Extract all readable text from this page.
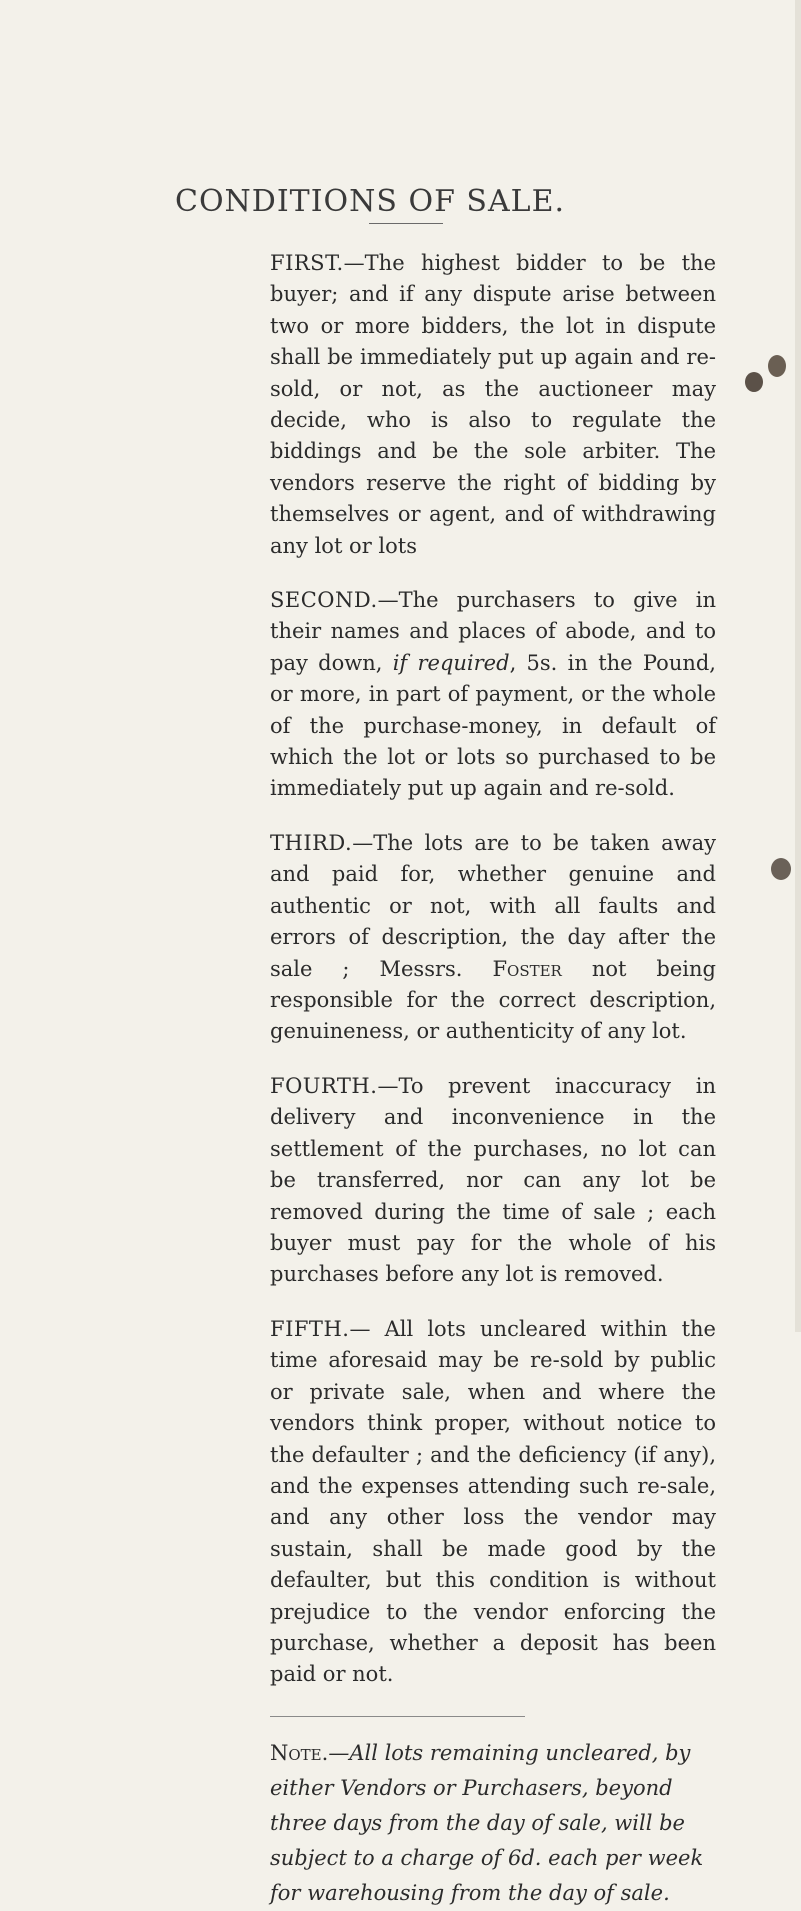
CONDITIONS OF SALE.

FIRST.—The highest bidder to be the buyer; and if any dispute arise between two or more bidders, the lot in dispute shall be immediately put up again and re-sold, or not, as the auctioneer may decide, who is also to regulate the biddings and be the sole arbiter. The vendors reserve the right of bidding by themselves or agent, and of withdrawing any lot or lots

SECOND.—The purchasers to give in their names and places of abode, and to pay down, if required, 5s. in the Pound, or more, in part of payment, or the whole of the purchase-money, in default of which the lot or lots so purchased to be immediately put up again and re-sold.

THIRD.—The lots are to be taken away and paid for, whether genuine and authentic or not, with all faults and errors of description, the day after the sale ; Messrs. Foster not being responsible for the correct description, genuineness, or authenticity of any lot.

FOURTH.—To prevent inaccuracy in delivery and inconvenience in the settlement of the purchases, no lot can be transferred, nor can any lot be removed during the time of sale ; each buyer must pay for the whole of his purchases before any lot is removed.

FIFTH.— All lots uncleared within the time aforesaid may be re-sold by public or private sale, when and where the vendors think proper, without notice to the defaulter ; and the deficiency (if any), and the expenses attending such re-sale, and any other loss the vendor may sustain, shall be made good by the defaulter, but this condition is without prejudice to the vendor enforcing the purchase, whether a deposit has been paid or not.

Note.—All lots remaining uncleared, by either Vendors or Purchasers, beyond three days from the day of sale, will be subject to a charge of 6d. each per week for warehousing from the day of sale.
